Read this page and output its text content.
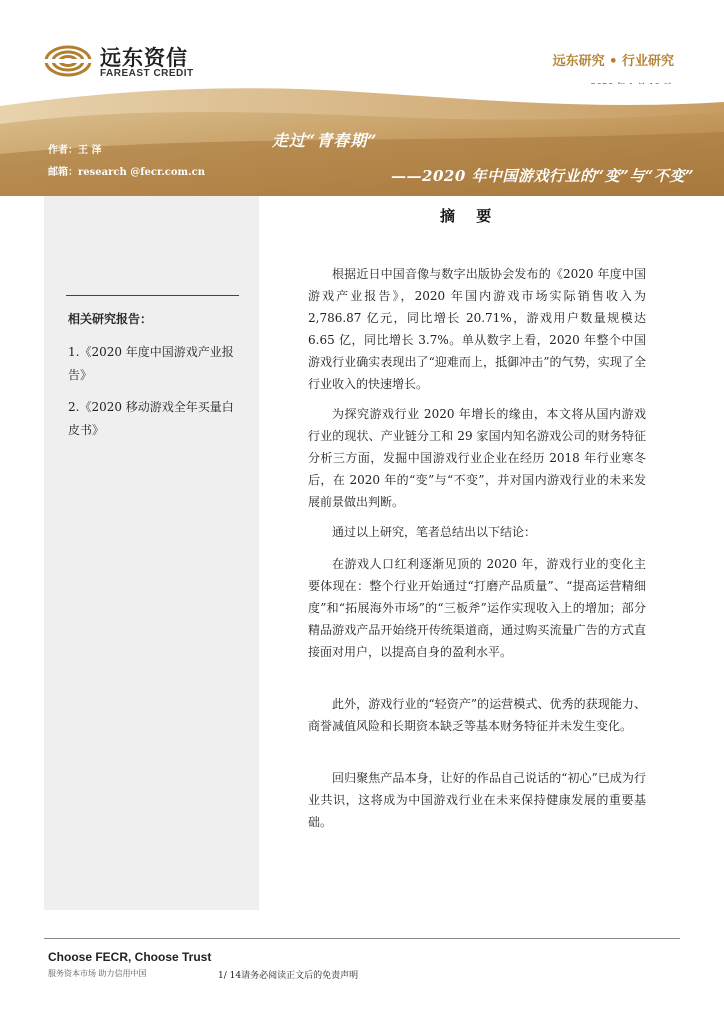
远东资信
FAREAST CREDIT
远东研究 • 行业研究
作者：王 泽
邮箱：research @fecr.com.cn
走过“青春期”
——2020 年中国游戏行业的“变”与“不变”
相关研究报告：
1.《2020 年度中国游戏产业报告》
2.《2020 移动游戏全年买量白皮书》
摘 要

根据近日中国音像与数字出版协会发布的《2020 年度中国游戏产业报告》，2020 年国内游戏市场实际销售收入为 2,786.87 亿元，同比增长 20.71%，游戏用户数量规模达 6.65 亿，同比增长 3.7%。单从数字上看，2020 年整个中国游戏行业确实表现出了“迎难而上，抵御冲击”的气势，实现了全行业收入的快速增长。

为探究游戏行业 2020 年增长的缘由，本文将从国内游戏行业的现状、产业链分工和 29 家国内知名游戏公司的财务特征分析三方面，发掘中国游戏行业企业在经历 2018 年行业寒冬后，在 2020 年的“变”与“不变”，并对国内游戏行业的未来发展前景做出判断。

通过以上研究，笔者总结出以下结论：

在游戏人口红利逐渐见顶的 2020 年，游戏行业的变化主要体现在：整个行业开始通过“打磨产品质量”、“提高运营精细度”和“拓展海外市场”的“三板斧”运作实现收入上的增加；部分精品游戏产品开始绕开传统渠道商，通过购买流量广告的方式直接面对用户，以提高自身的盈利水平。

此外，游戏行业的“轻资产”的运营模式、优秀的获现能力、商誉减值风险和长期资本缺乏等基本财务特征并未发生变化。

回归聚焦产品本身，让好的作品自己说话的“初心”已成为行业共识，这将成为中国游戏行业在未来保持健康发展的重要基础。

Choose FECR, Choose Trust
服务资本市场 助力信用中国	1/ 14请务必阅读正文后的免责声明
